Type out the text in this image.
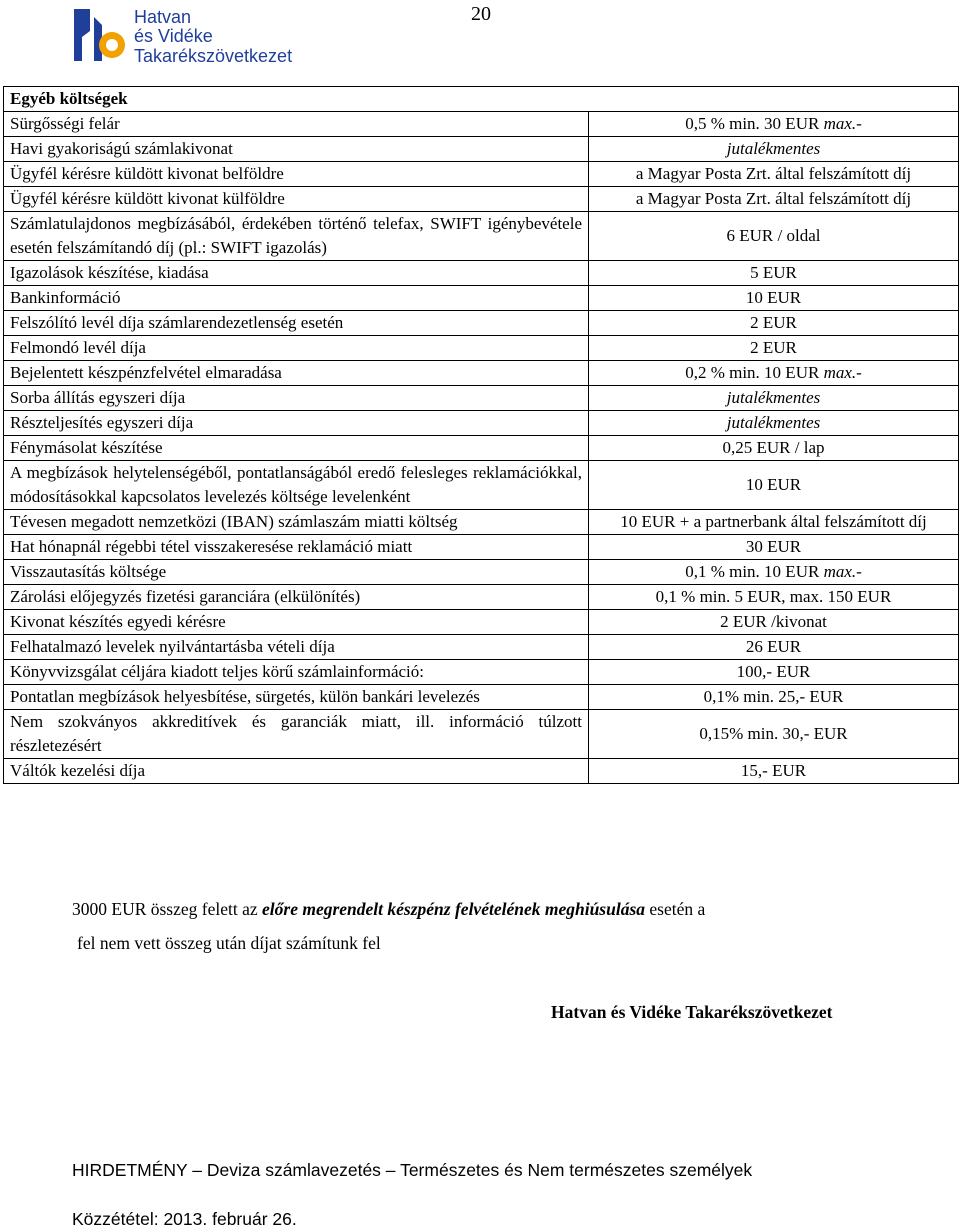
Hatvan
és Vidéke
Takarékszövetkezet
20
Egyéb költségek	
Sürgősségi felár	0,5 % min. 30 EUR max.-
Havi gyakoriságú számlakivonat	jutalékmentes
Ügyfél kérésre küldött kivonat belföldre	a Magyar Posta Zrt. által felszámított díj
Ügyfél kérésre küldött kivonat külföldre	a Magyar Posta Zrt. által felszámított díj
Számlatulajdonos megbízásából, érdekében történő telefax, SWIFT igénybevétele esetén felszámítandó díj (pl.: SWIFT igazolás)	6 EUR / oldal
Igazolások készítése, kiadása	5 EUR
Bankinformáció	10 EUR
Felszólító levél díja számlarendezetlenség esetén	2 EUR
Felmondó levél díja	2 EUR
Bejelentett készpénzfelvétel elmaradása	0,2 % min. 10 EUR max.-
Sorba állítás egyszeri díja	jutalékmentes
Részteljesítés egyszeri díja	jutalékmentes
Fénymásolat készítése	0,25 EUR / lap
A megbízások helytelenségéből, pontatlanságából eredő felesleges reklamációkkal, módosításokkal kapcsolatos levelezés költsége levelenként	10 EUR
Tévesen megadott nemzetközi (IBAN) számlaszám miatti költség	10 EUR + a partnerbank által felszámított díj
Hat hónapnál régebbi tétel visszakeresése reklamáció miatt	30 EUR
Visszautasítás költsége	0,1 % min. 10 EUR max.-
Zárolási előjegyzés fizetési garanciára (elkülönítés)	0,1 % min. 5 EUR, max. 150 EUR
Kivonat készítés egyedi kérésre	2 EUR /kivonat
Felhatalmazó levelek nyilvántartásba vételi díja	26 EUR
Könyvvizsgálat céljára kiadott teljes körű számlainformáció:	100,- EUR
Pontatlan megbízások helyesbítése, sürgetés, külön bankári levelezés	0,1% min. 25,- EUR
Nem szokványos akkreditívek és garanciák miatt, ill. információ túlzott részletezésért	0,15% min. 30,- EUR
Váltók kezelési díja	15,- EUR
3000 EUR összeg felett az előre megrendelt készpénz felvételének meghiúsulása esetén a
fel nem vett összeg után díjat számítunk fel
Hatvan és Vidéke Takarékszövetkezet
HIRDETMÉNY – Deviza számlavezetés – Természetes és Nem természetes személyek
Közzététel: 2013. február 26.
